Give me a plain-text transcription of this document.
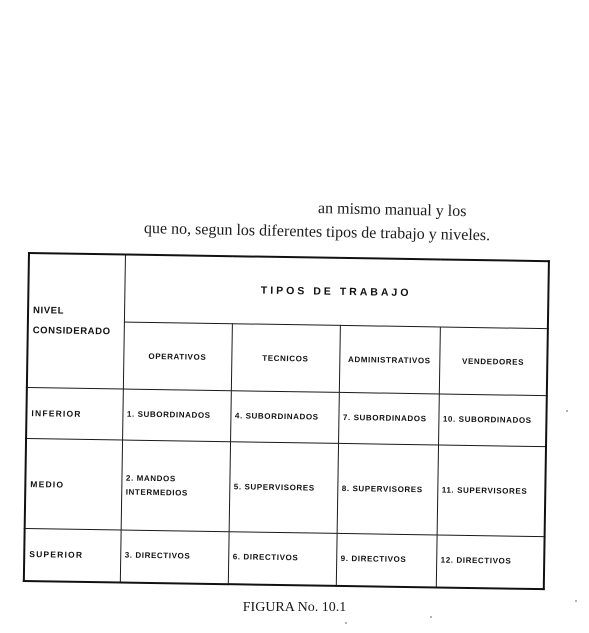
que no, segun los diferentes tipos de trabajo y niveles.
an mismo manual y los
NIVEL
CONSIDERADO	TIPOS DE TRABAJO			
	OPERATIVOS	TECNICOS	ADMINISTRATIVOS	VENDEDORES
INFERIOR	1. SUBORDINADOS	4. SUBORDINADOS	7. SUBORDINADOS	10. SUBORDINADOS
MEDIO	2. MANDOS INTERMEDIOS	5. SUPERVISORES	8. SUPERVISORES	11. SUPERVISORES
SUPERIOR	3. DIRECTIVOS	6. DIRECTIVOS	9. DIRECTIVOS	12. DIRECTIVOS
FIGURA No. 10.1
